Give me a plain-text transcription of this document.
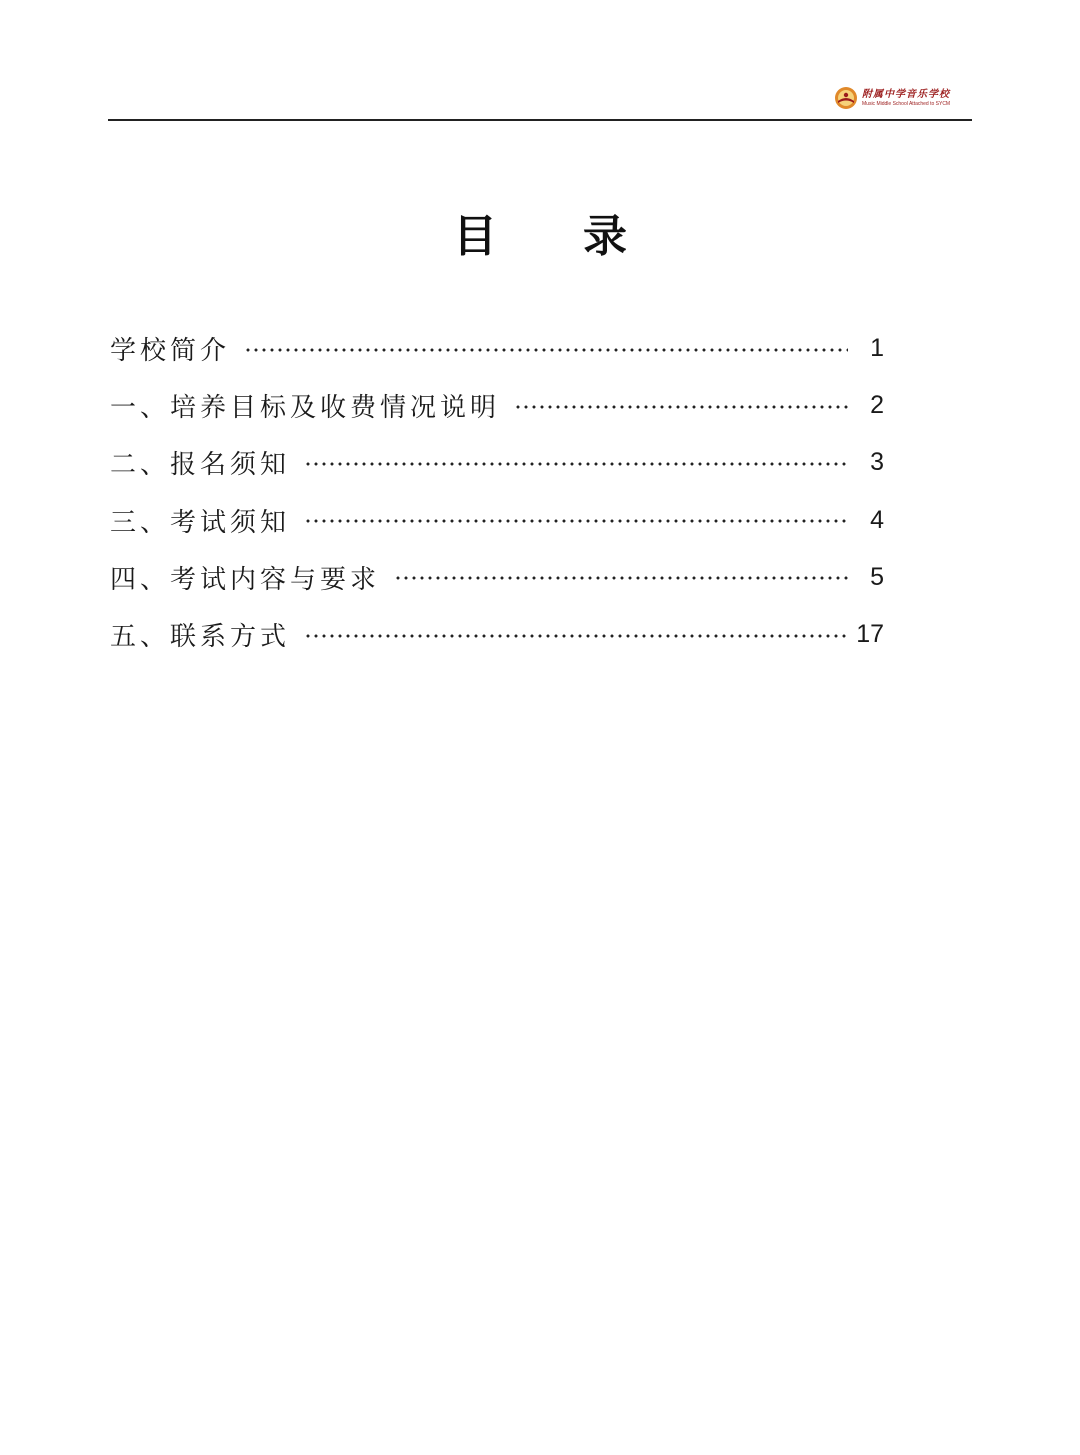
附属中学音乐学校
Music Middle School Attached to SYCM
目录
学校简介	1
一、培养目标及收费情况说明	2
二、报名须知	3
三、考试须知	4
四、考试内容与要求	5
五、联系方式	17
